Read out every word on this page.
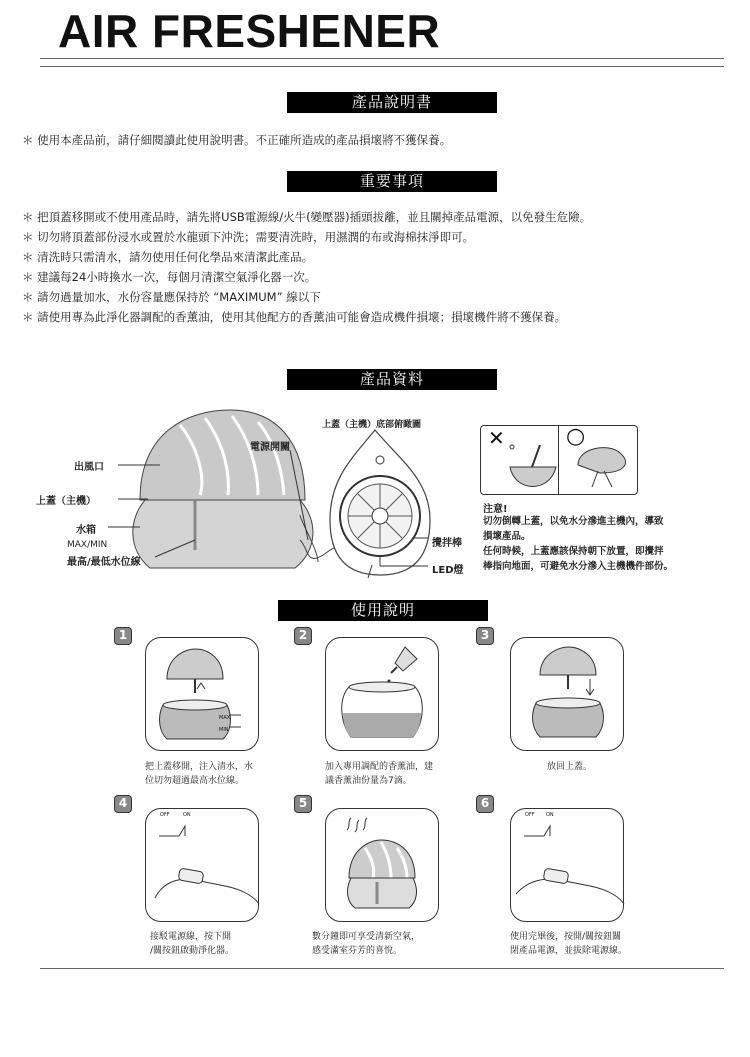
AIR FRESHENER
產品說明書
＊ 使用本產品前，請仔細閱讀此使用說明書。不正確所造成的產品損壞將不獲保養。
重要事項
＊ 把頂蓋移開或不使用產品時，請先將USB電源線/火牛(變壓器)插頭拔離，並且關掉產品電源，以免發生危險。
＊ 切勿將頂蓋部份浸水或置於水龍頭下沖洗；需要清洗時，用濕潤的布或海棉抹淨即可。
＊ 清洗時只需清水，請勿使用任何化學品來清潔此產品。
＊ 建議每24小時換水一次，每個月清潔空氣淨化器一次。
＊ 請勿過量加水，水份容量應保持於 “MAXIMUM” 線以下
＊ 請使用專為此淨化器調配的香薰油，使用其他配方的香薰油可能會造成機件損壞；損壞機件將不獲保養。
產品資料
出風口
上蓋（主機）
水箱
MAX/MIN
最高/最低水位線
電源開關
上蓋（主機）底部俯瞰圖
攪拌棒
LED燈
✕	○
注意!
切勿倒轉上蓋，以免水分滲進主機內，導致
損壞產品。
任何時候，上蓋應該保持朝下放置，即攪拌
棒指向地面，可避免水分滲入主機機件部份。
使用說明
1
MAX
MIN
把上蓋移開，注入清水，水
位切勿超過最高水位線。
2
加入專用調配的香薰油，建
議香薰油份量為7滴。
3
放回上蓋。
4
OFF	ON
接駁電源線，按下開
/關按鈕啟動淨化器。
5
數分鐘即可享受清新空氣，
感受滿室芬芳的喜悅。
6
OFF ON
使用完畢後，按開/關按鈕關
閉產品電源，並拔除電源線。
